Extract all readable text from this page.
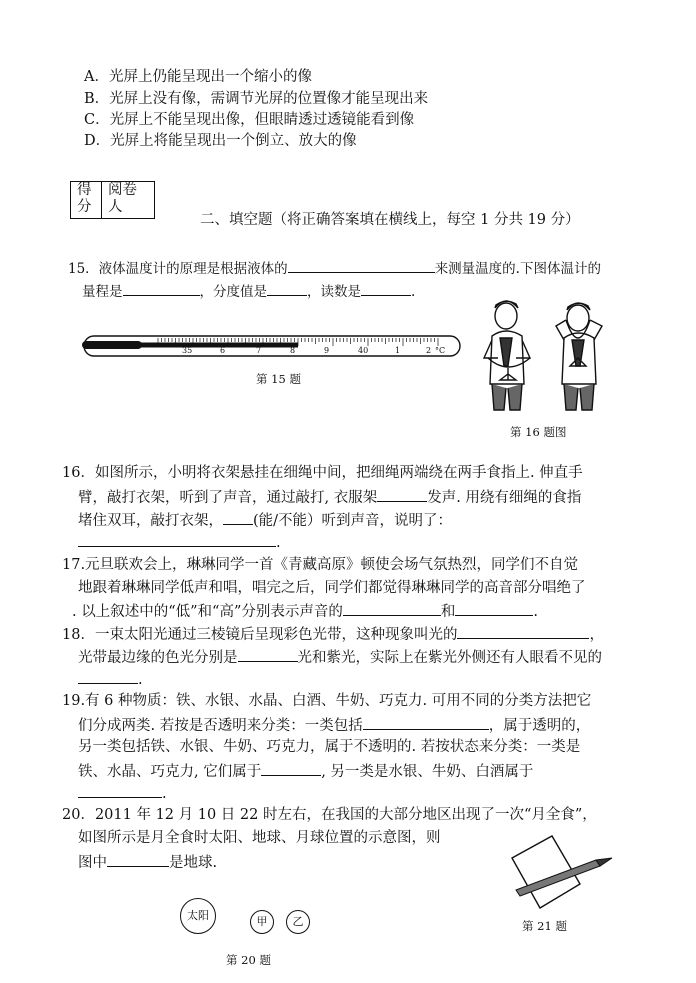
A．光屏上仍能呈现出一个缩小的像
B．光屏上没有像，需调节光屏的位置像才能呈现出来
C．光屏上不能呈现出像，但眼睛透过透镜能看到像
D．光屏上将能呈现出一个倒立、放大的像
得分	阅卷人
二、填空题（将正确答案填在横线上，每空 1 分共 19 分）
15．液体温度计的原理是根据液体的	来测量温度的.下图体温计的
量程是	，分度值是	，读数是	.
35	6	7	8	9	40	1	2 °C
第 15 题
第 16 题图
16．如图所示，小明将衣架悬挂在细绳中间，把细绳两端绕在两手食指上. 伸直手
臂，敲打衣架，听到了声音，通过敲打, 衣服架	发声. 用绕有细绳的食指
堵住双耳，敲打衣架， (能/不能）听到声音，说明了：
.
17.元旦联欢会上，琳琳同学一首《青藏高原》顿使会场气氛热烈，同学们不自觉
地跟着琳琳同学低声和唱，唱完之后，同学们都觉得琳琳同学的高音部分唱绝了
. 以上叙述中的“低”和“高”分别表示声音的	和	.
18．一束太阳光通过三棱镜后呈现彩色光带，这种现象叫光的	，
光带最边缘的色光分别是	光和紫光，实际上在紫光外侧还有人眼看不见的
.
19.有 6 种物质：铁、水银、水晶、白酒、牛奶、巧克力. 可用不同的分类方法把它
们分成两类. 若按是否透明来分类：一类包括	，属于透明的，
另一类包括铁、水银、牛奶、巧克力，属于不透明的. 若按状态来分类：一类是
铁、水晶、巧克力, 它们属于	, 另一类是水银、牛奶、白酒属于
.
20．2011 年 12 月 10 日 22 时左右，在我国的大部分地区出现了一次“月全食”，
如图所示是月全食时太阳、地球、月球位置的示意图，则
图中	是地球.
太阳	甲	乙
第 20 题
第 21 题
